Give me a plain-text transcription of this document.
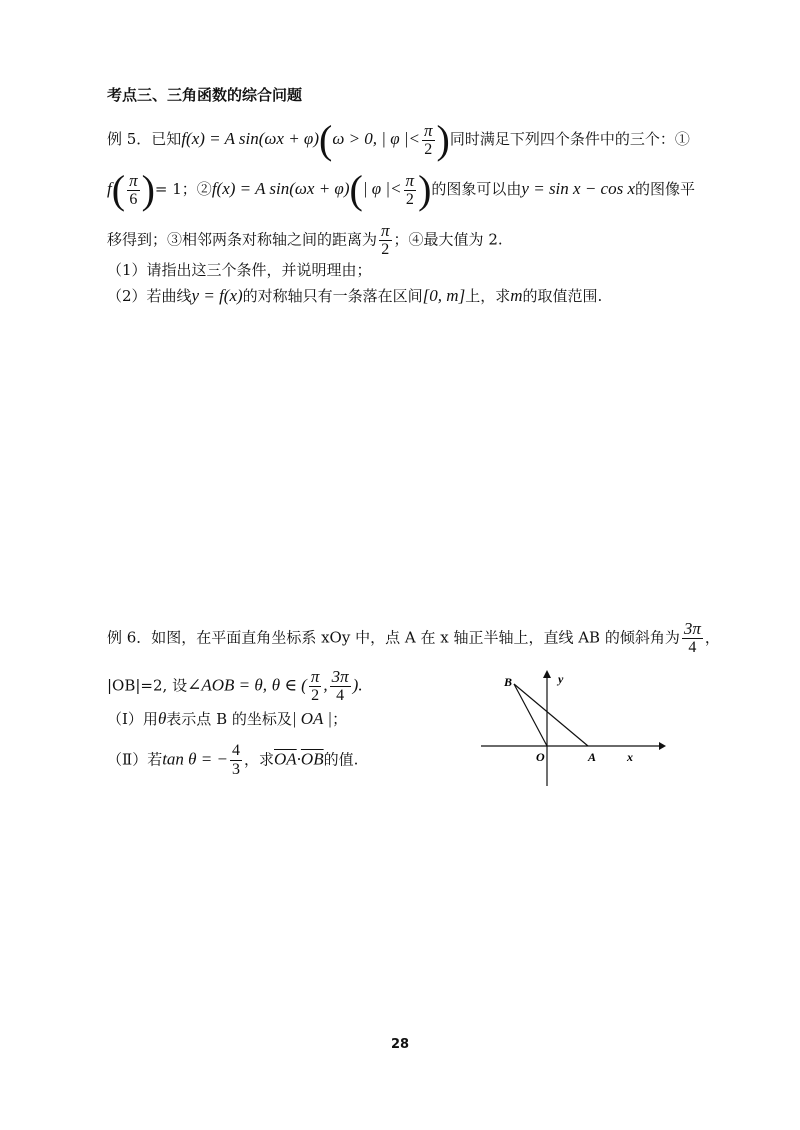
考点三、三角函数的综合问题
例 5．已知f(x) = A sin(ωx + φ)(ω > 0, | φ |< $\frac{\pi}{2}$ )同时满足下列四个条件中的三个：①
$f( \frac{\pi}{6}$ )= 1；②f(x) = A sin(ωx + φ)(| φ |< $\frac{\pi}{2}$ )的图象可以由y = sin x − cos x的图像平
移得到；③相邻两条对称轴之间的距离为 $\frac{\pi}{2}$ ；④最大值为 2.
（1）请指出这三个条件，并说明理由；
（2）若曲线y = f(x)的对称轴只有一条落在区间[0, m]上，求m的取值范围.
例 6．如图，在平面直角坐标系 xOy 中，点 A 在 x 轴正半轴上，直线 AB 的倾斜角为 $\frac{3\pi}{4}$ ，
|OB|=2, 设∠AOB = θ, θ ∈ ( $\frac{\pi}{2}$ , $\frac{3\pi}{4}$ ).
（Ⅰ）用θ表示点 B 的坐标及| OA |；
（Ⅱ）若tan θ = − $\frac{4}{3}$ ，求$\overline{OA}\cdot\overline{OB}$的值.
B	y
O	A	x
28
